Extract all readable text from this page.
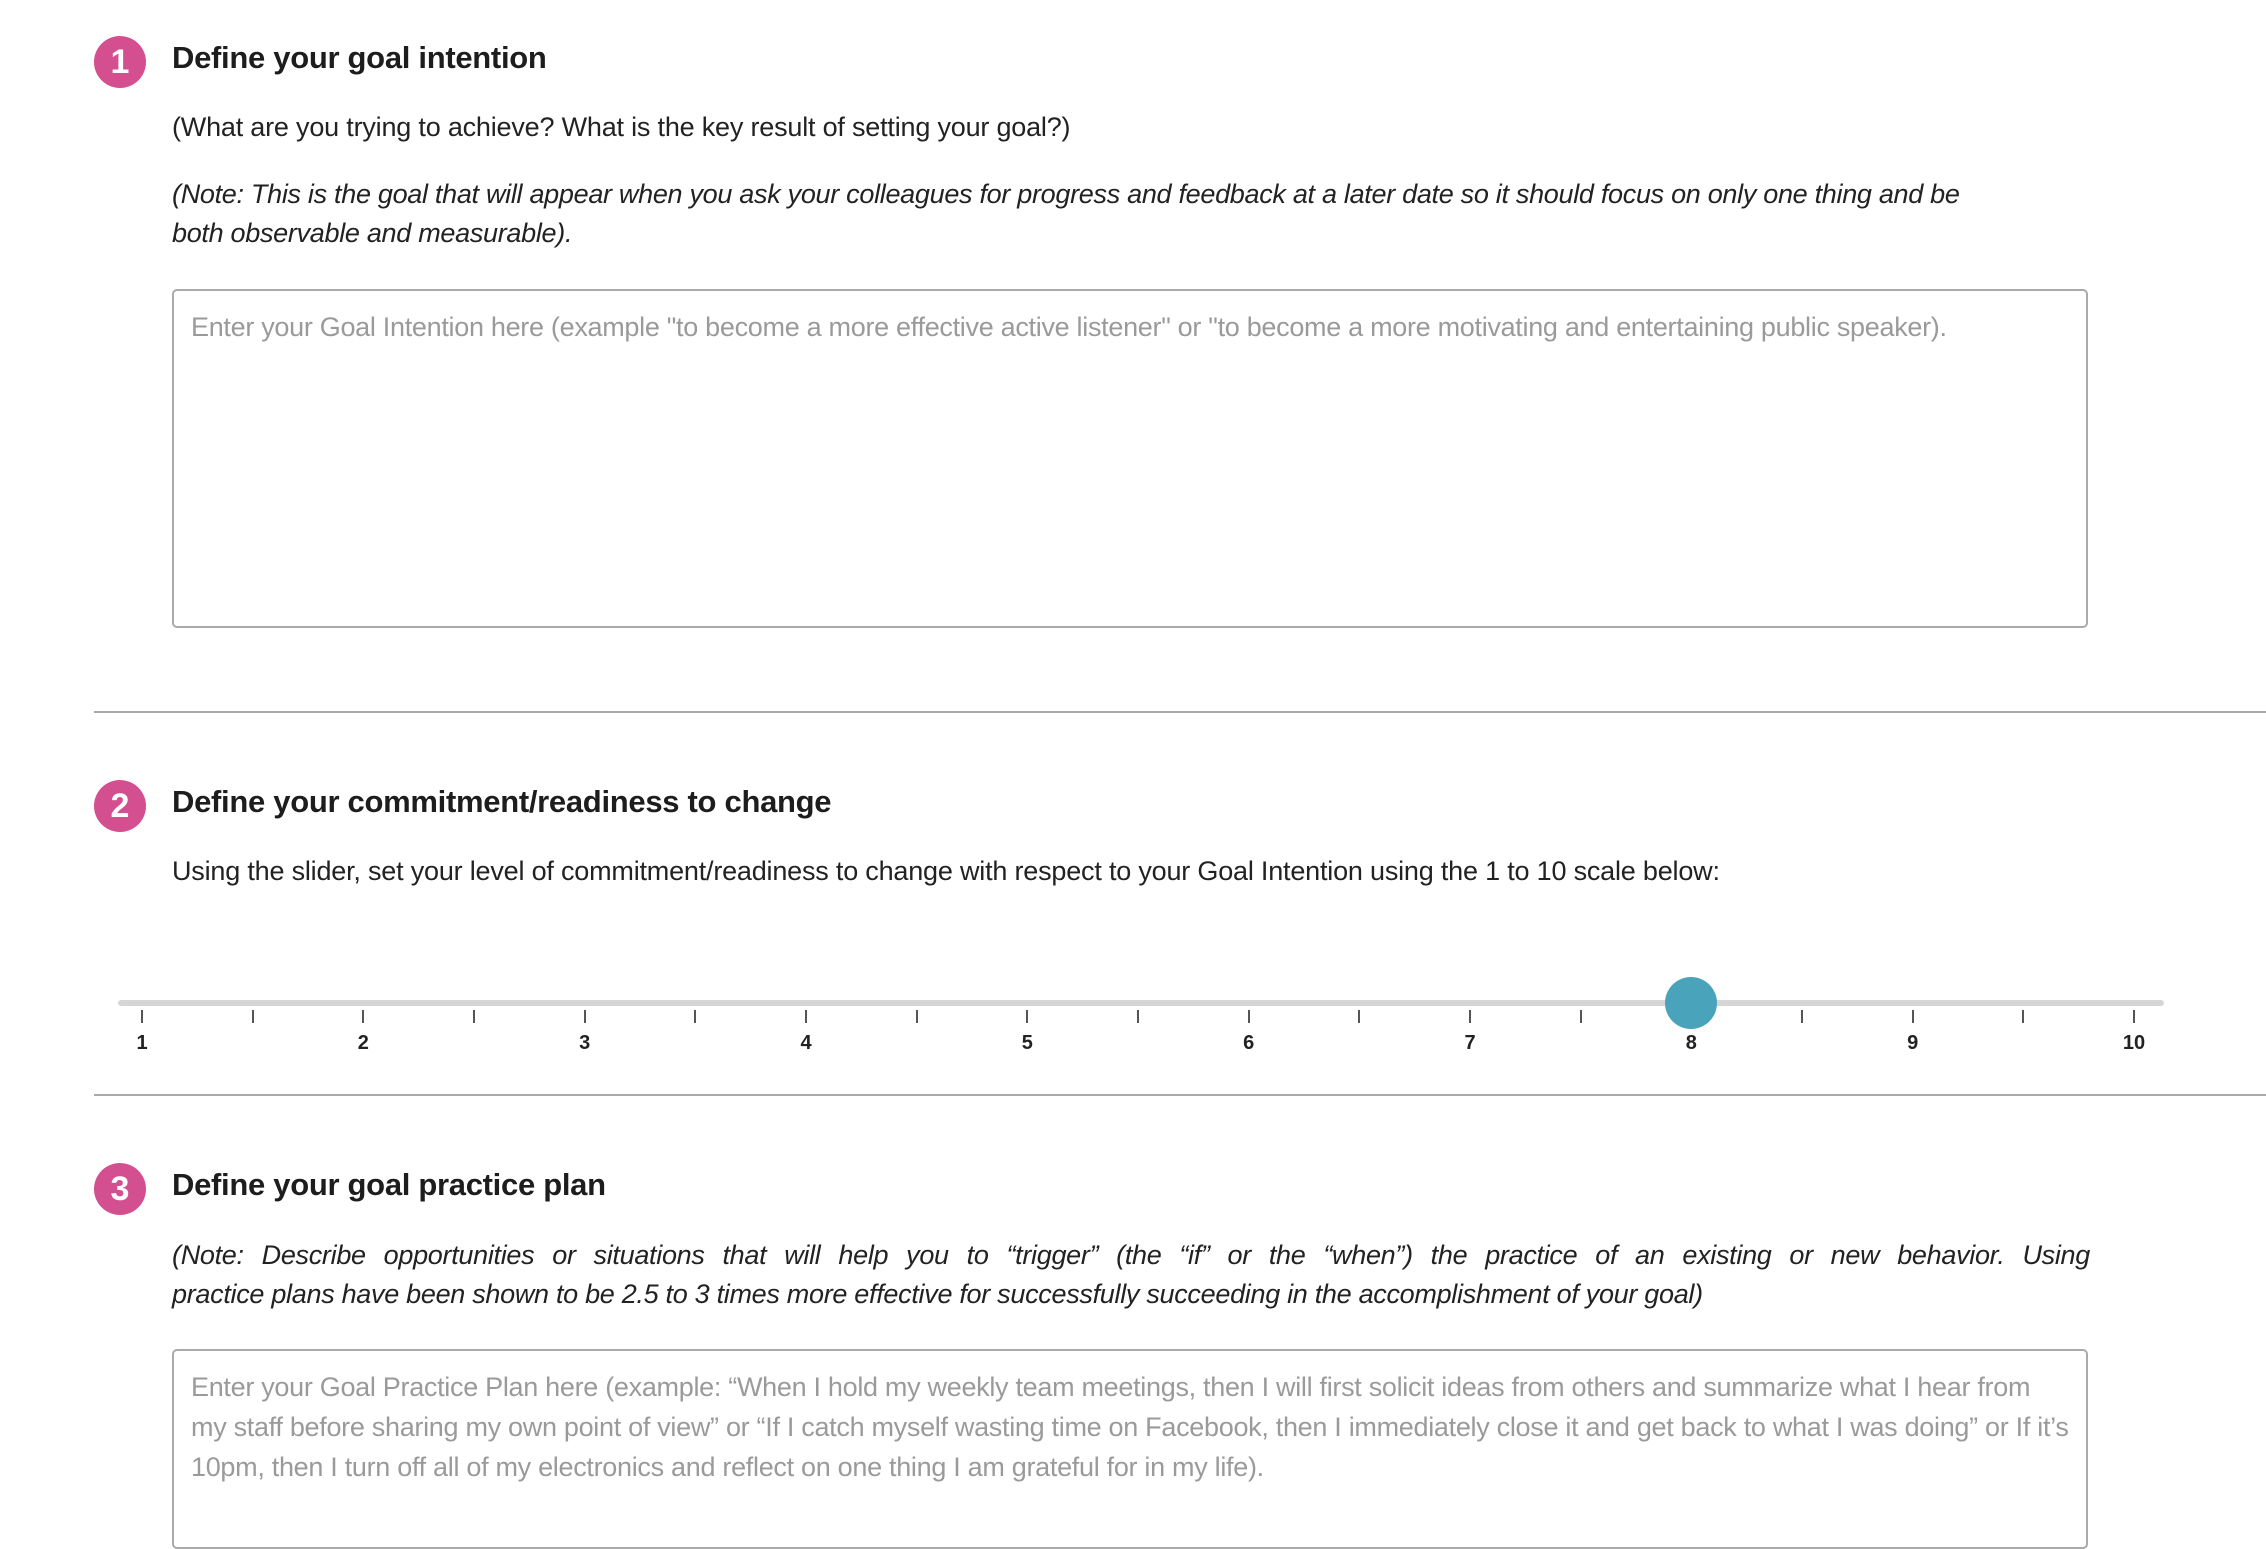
1	Define your goal intention
(What are you trying to achieve? What is the key result of setting your goal?)
(Note: This is the goal that will appear when you ask your colleagues for progress and feedback at a later date so it should focus on only one thing and be
both observable and measurable).
Enter your Goal Intention here (example "to become a more effective active listener" or "to become a more motivating and entertaining public speaker).
2	Define your commitment/readiness to change
Using the slider, set your level of commitment/readiness to change with respect to your Goal Intention using the 1 to 10 scale below:
1	2	3	4	5	6	7	8	9	10
3	Define your goal practice plan
(Note: Describe opportunities or situations that will help you to “trigger” (the “if” or the “when”) the practice of an existing or new behavior. Using
practice plans have been shown to be 2.5 to 3 times more effective for successfully succeeding in the accomplishment of your goal)
Enter your Goal Practice Plan here (example: “When I hold my weekly team meetings, then I will first solicit ideas from others and summarize what I hear from my staff before sharing my own point of view” or “If I catch myself wasting time on Facebook, then I immediately close it and get back to what I was doing” or If it’s 10pm, then I turn off all of my electronics and reflect on one thing I am grateful for in my life).
